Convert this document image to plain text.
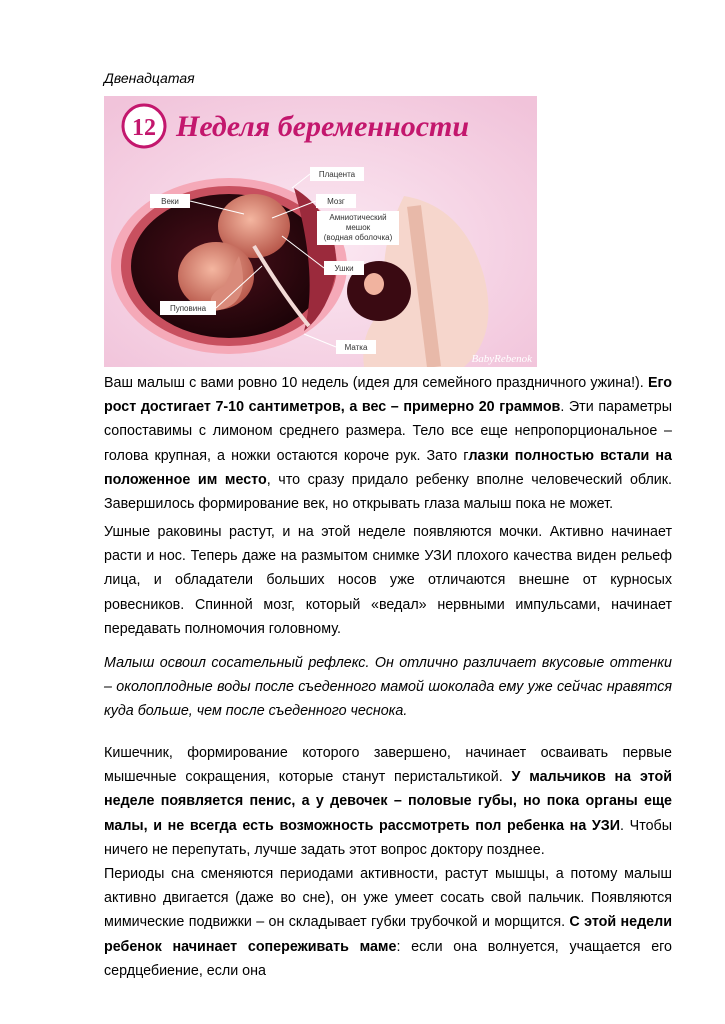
Двенадцатая
12 Неделя беременности
Плацента
Веки	Мозг
Амниотический
мешок
(водная оболочка)
Ушки
Пуповина
Матка
BabyRebenok
Ваш малыш с вами ровно 10 недель (идея для семейного праздничного ужина!). Его рост достигает 7-10 сантиметров, а вес – примерно 20 граммов. Эти параметры сопоставимы с лимоном среднего размера. Тело все еще непропорциональное – голова крупная, а ножки остаются короче рук. Зато глазки полностью встали на положенное им место, что сразу придало ребенку вполне человеческий облик. Завершилось формирование век, но открывать глаза малыш пока не может.
Ушные раковины растут, и на этой неделе появляются мочки. Активно начинает расти и нос. Теперь даже на размытом снимке УЗИ плохого качества виден рельеф лица, и обладатели больших носов уже отличаются внешне от курносых ровесников. Спинной мозг, который «ведал» нервными импульсами, начинает передавать полномочия головному.
Малыш освоил сосательный рефлекс. Он отлично различает вкусовые оттенки – околоплодные воды после съеденного мамой шоколада ему уже сейчас нравятся куда больше, чем после съеденного чеснока.
Кишечник, формирование которого завершено, начинает осваивать первые мышечные сокращения, которые станут перистальтикой. У мальчиков на этой неделе появляется пенис, а у девочек – половые губы, но пока органы еще малы, и не всегда есть возможность рассмотреть пол ребенка на УЗИ. Чтобы ничего не перепутать, лучше задать этот вопрос доктору позднее.
Периоды сна сменяются периодами активности, растут мышцы, а потому малыш активно двигается (даже во сне), он уже умеет сосать свой пальчик. Появляются мимические подвижки – он складывает губки трубочкой и морщится. С этой недели ребенок начинает сопереживать маме: если она волнуется, учащается его сердцебиение, если она
